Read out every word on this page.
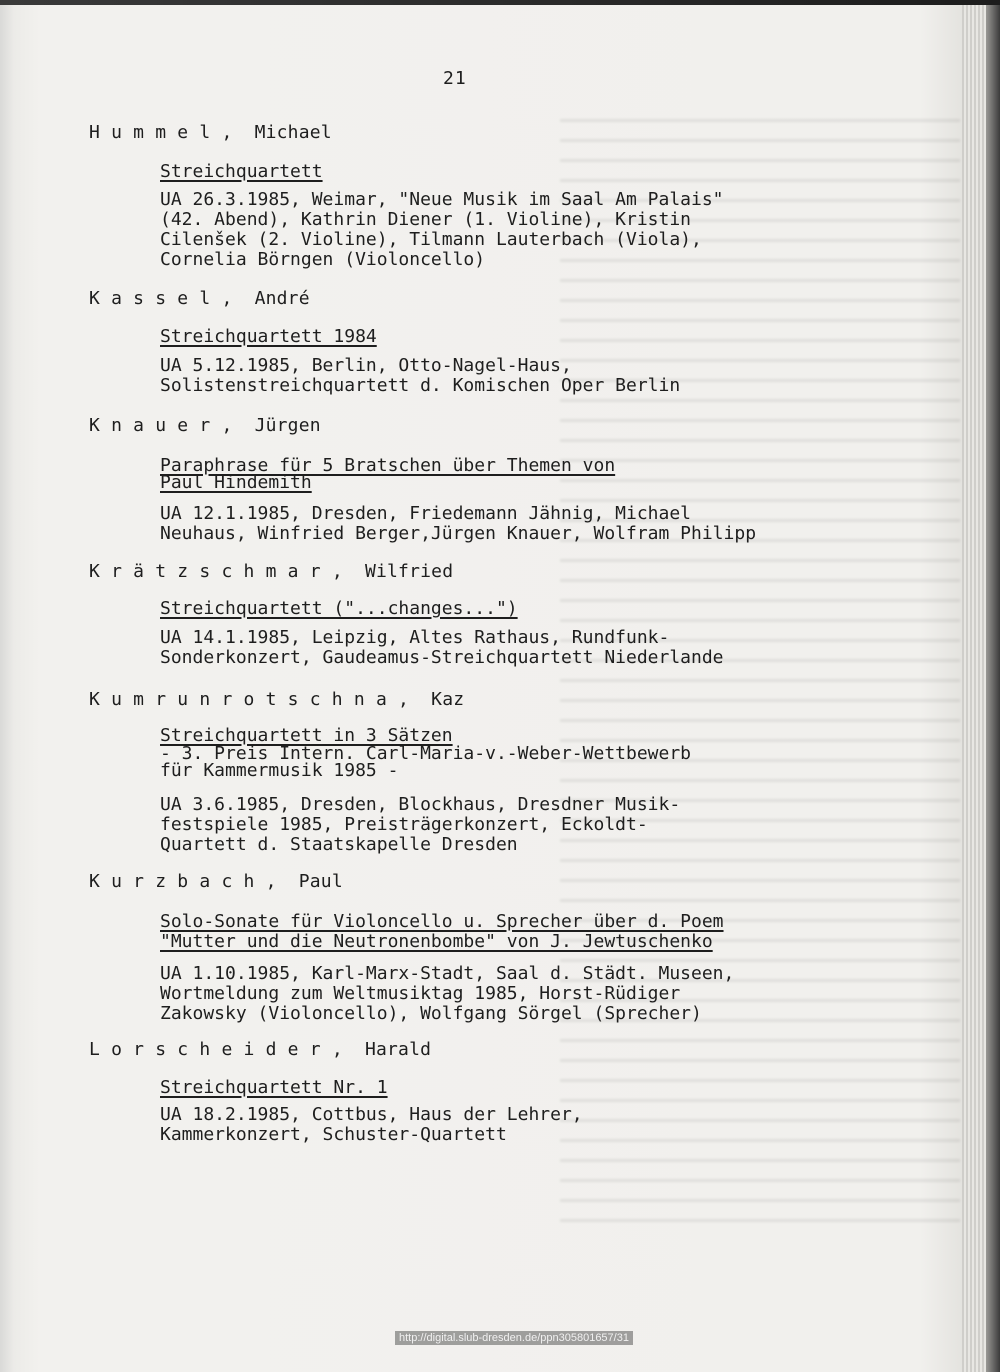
21
H u m m e l ,  Michael
Streichquartett
UA 26.3.1985, Weimar, "Neue Musik im Saal Am Palais"
(42. Abend), Kathrin Diener (1. Violine), Kristin
Cilenšek (2. Violine), Tilmann Lauterbach (Viola),
Cornelia Börngen (Violoncello)
K a s s e l ,  André
Streichquartett 1984
UA 5.12.1985, Berlin, Otto-Nagel-Haus,
Solistenstreichquartett d. Komischen Oper Berlin
K n a u e r ,  Jürgen
Paraphrase für 5 Bratschen über Themen von
Paul Hindemith
UA 12.1.1985, Dresden, Friedemann Jähnig, Michael
Neuhaus, Winfried Berger,Jürgen Knauer, Wolfram Philipp
K r ä t z s c h m a r ,  Wilfried
Streichquartett ("...changes...")
UA 14.1.1985, Leipzig, Altes Rathaus, Rundfunk-
Sonderkonzert, Gaudeamus-Streichquartett Niederlande
K u m r u n r o t s c h n a ,  Kaz
Streichquartett in 3 Sätzen
- 3. Preis Intern. Carl-Maria-v.-Weber-Wettbewerb
für Kammermusik 1985 -
UA 3.6.1985, Dresden, Blockhaus, Dresdner Musik-
festspiele 1985, Preisträgerkonzert, Eckoldt-
Quartett d. Staatskapelle Dresden
K u r z b a c h ,  Paul
Solo-Sonate für Violoncello u. Sprecher über d. Poem
"Mutter und die Neutronenbombe" von J. Jewtuschenko
UA 1.10.1985, Karl-Marx-Stadt, Saal d. Städt. Museen,
Wortmeldung zum Weltmusiktag 1985, Horst-Rüdiger
Zakowsky (Violoncello), Wolfgang Sörgel (Sprecher)
L o r s c h e i d e r ,  Harald
Streichquartett Nr. 1
UA 18.2.1985, Cottbus, Haus der Lehrer,
Kammerkonzert, Schuster-Quartett
http://digital.slub-dresden.de/ppn305801657/31
